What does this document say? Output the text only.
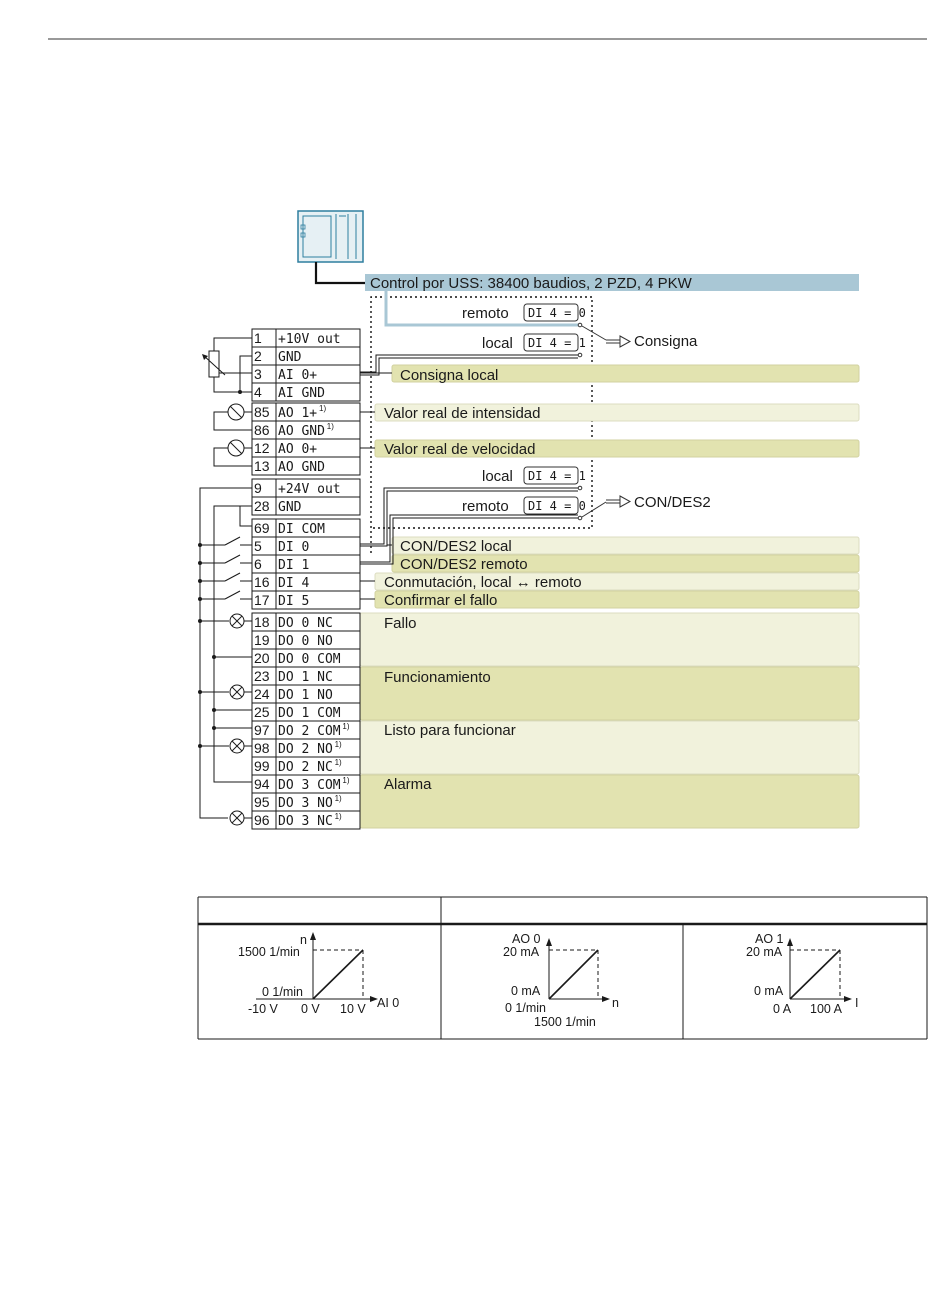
Control por USS: 38400 baudios, 2 PZD, 4 PKW
remoto DI 4 = 0
local DI 4 = 1	Consigna
local DI 4 = 1
remoto DI 4 = 0	CON/DES2
Consigna local
Valor real de intensidad
Valor real de velocidad
CON/DES2 local
CON/DES2 remoto
Conmutación, local ↔ remoto
Confirmar el fallo
Fallo
Funcionamiento
Listo para funcionar
Alarma
1 +10V out
2 GND
3 AI 0+
4 AI GND
85 AO 1+ 1)
86 AO GND 1)
12 AO 0+
13 AO GND
9 +24V out
28 GND
69 DI COM
5 DI 0
6 DI 1
16 DI 4
17 DI 5
18 DO 0 NC
19 DO 0 NO
20 DO 0 COM
23 DO 1 NC
24 DO 1 NO
25 DO 1 COM
97 DO 2 COM 1)
98 DO 2 NO 1)
99 DO 2 NC 1)
94 DO 3 COM 1)
95 DO 3 NO 1)
96 DO 3 NC 1)
n
1500 1/min
0 1/min
-10 V 0 V 10 V AI 0
AO 0
20 mA
0 mA
0 1/min
1500 1/min
n
AO 1
20 mA
0 mA
0 A 100 A I
